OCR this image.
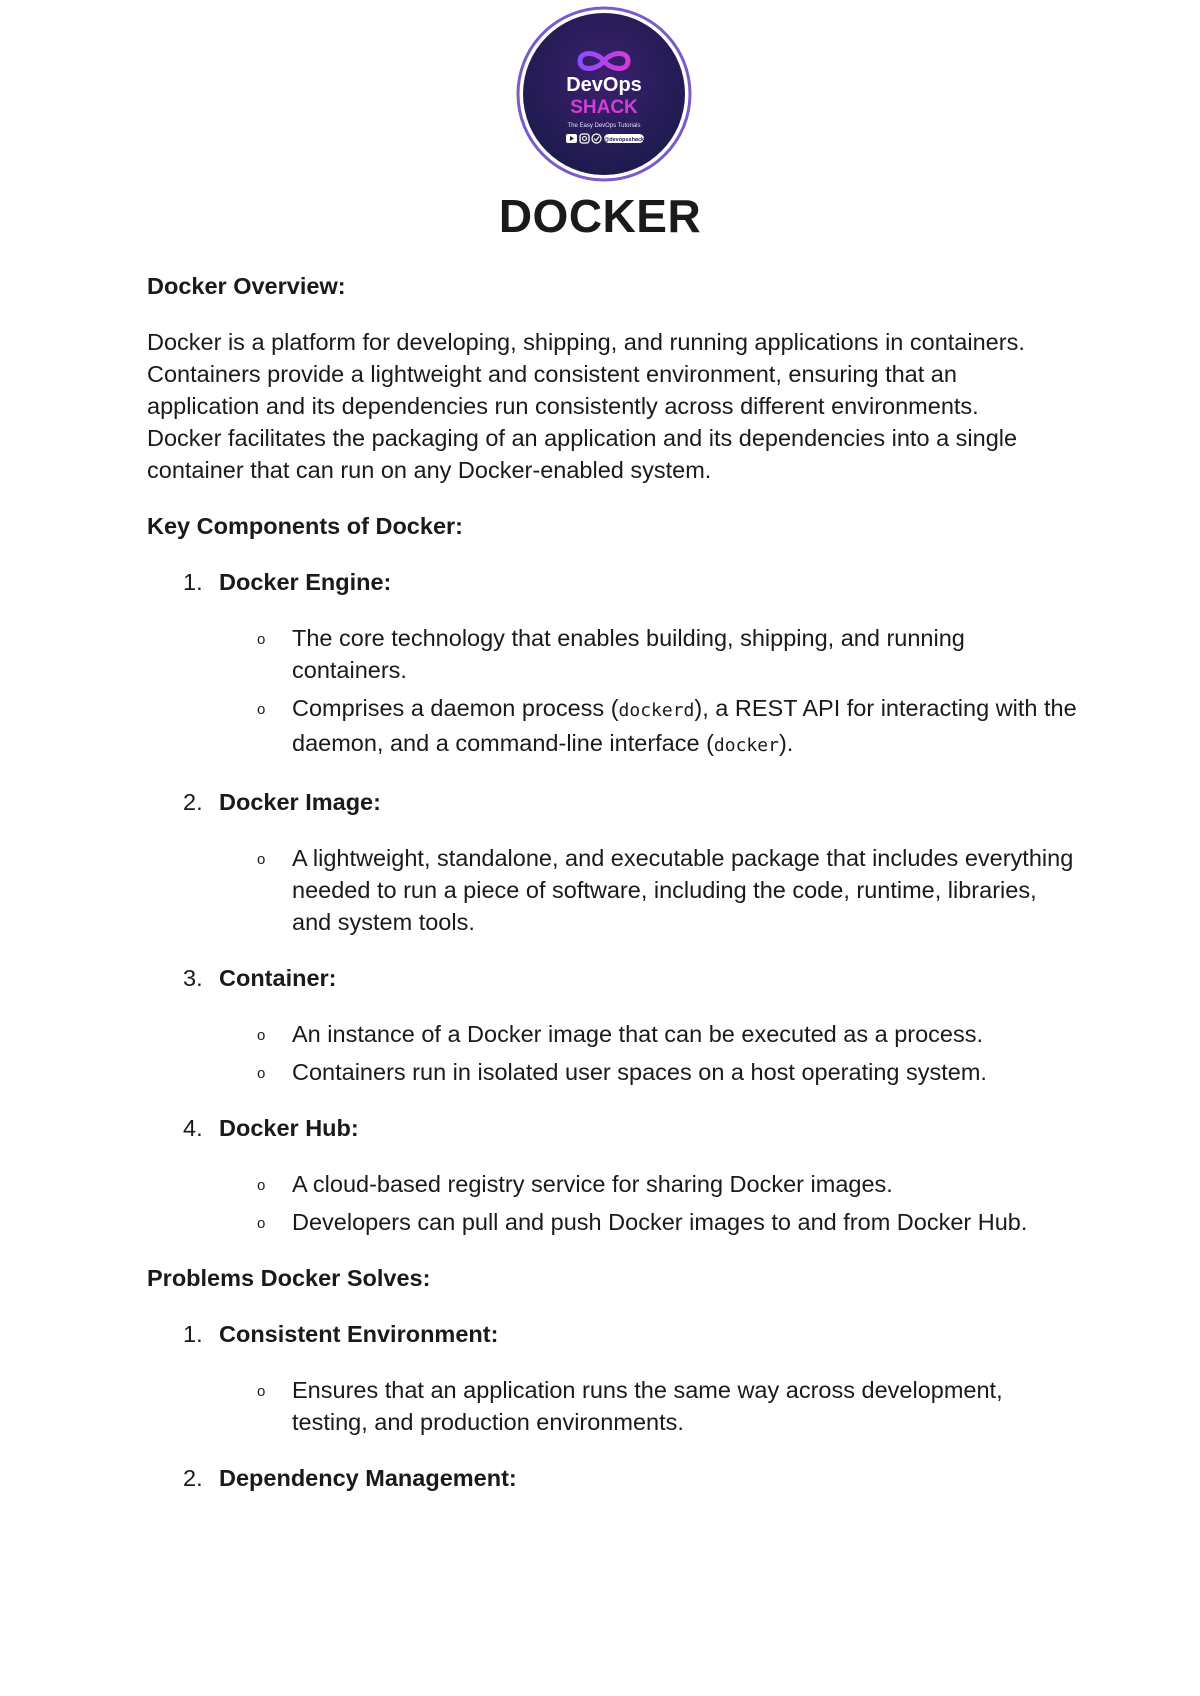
DevOps
SHACK
The Easy DevOps Tutorials
@devopsshack
DOCKER

Docker Overview:

Docker is a platform for developing, shipping, and running applications in containers.
Containers provide a lightweight and consistent environment, ensuring that an
application and its dependencies run consistently across different environments.
Docker facilitates the packaging of an application and its dependencies into a single
container that can run on any Docker-enabled system.

Key Components of Docker:

1. Docker Engine:
o The core technology that enables building, shipping, and running containers.
o Comprises a daemon process (dockerd), a REST API for interacting with the daemon, and a command-line interface (docker).
2. Docker Image:
o A lightweight, standalone, and executable package that includes everything needed to run a piece of software, including the code, runtime, libraries, and system tools.
3. Container:
o An instance of a Docker image that can be executed as a process.
o Containers run in isolated user spaces on a host operating system.
4. Docker Hub:
o A cloud-based registry service for sharing Docker images.
o Developers can pull and push Docker images to and from Docker Hub.

Problems Docker Solves:

1. Consistent Environment:
o Ensures that an application runs the same way across development, testing, and production environments.
2. Dependency Management:
